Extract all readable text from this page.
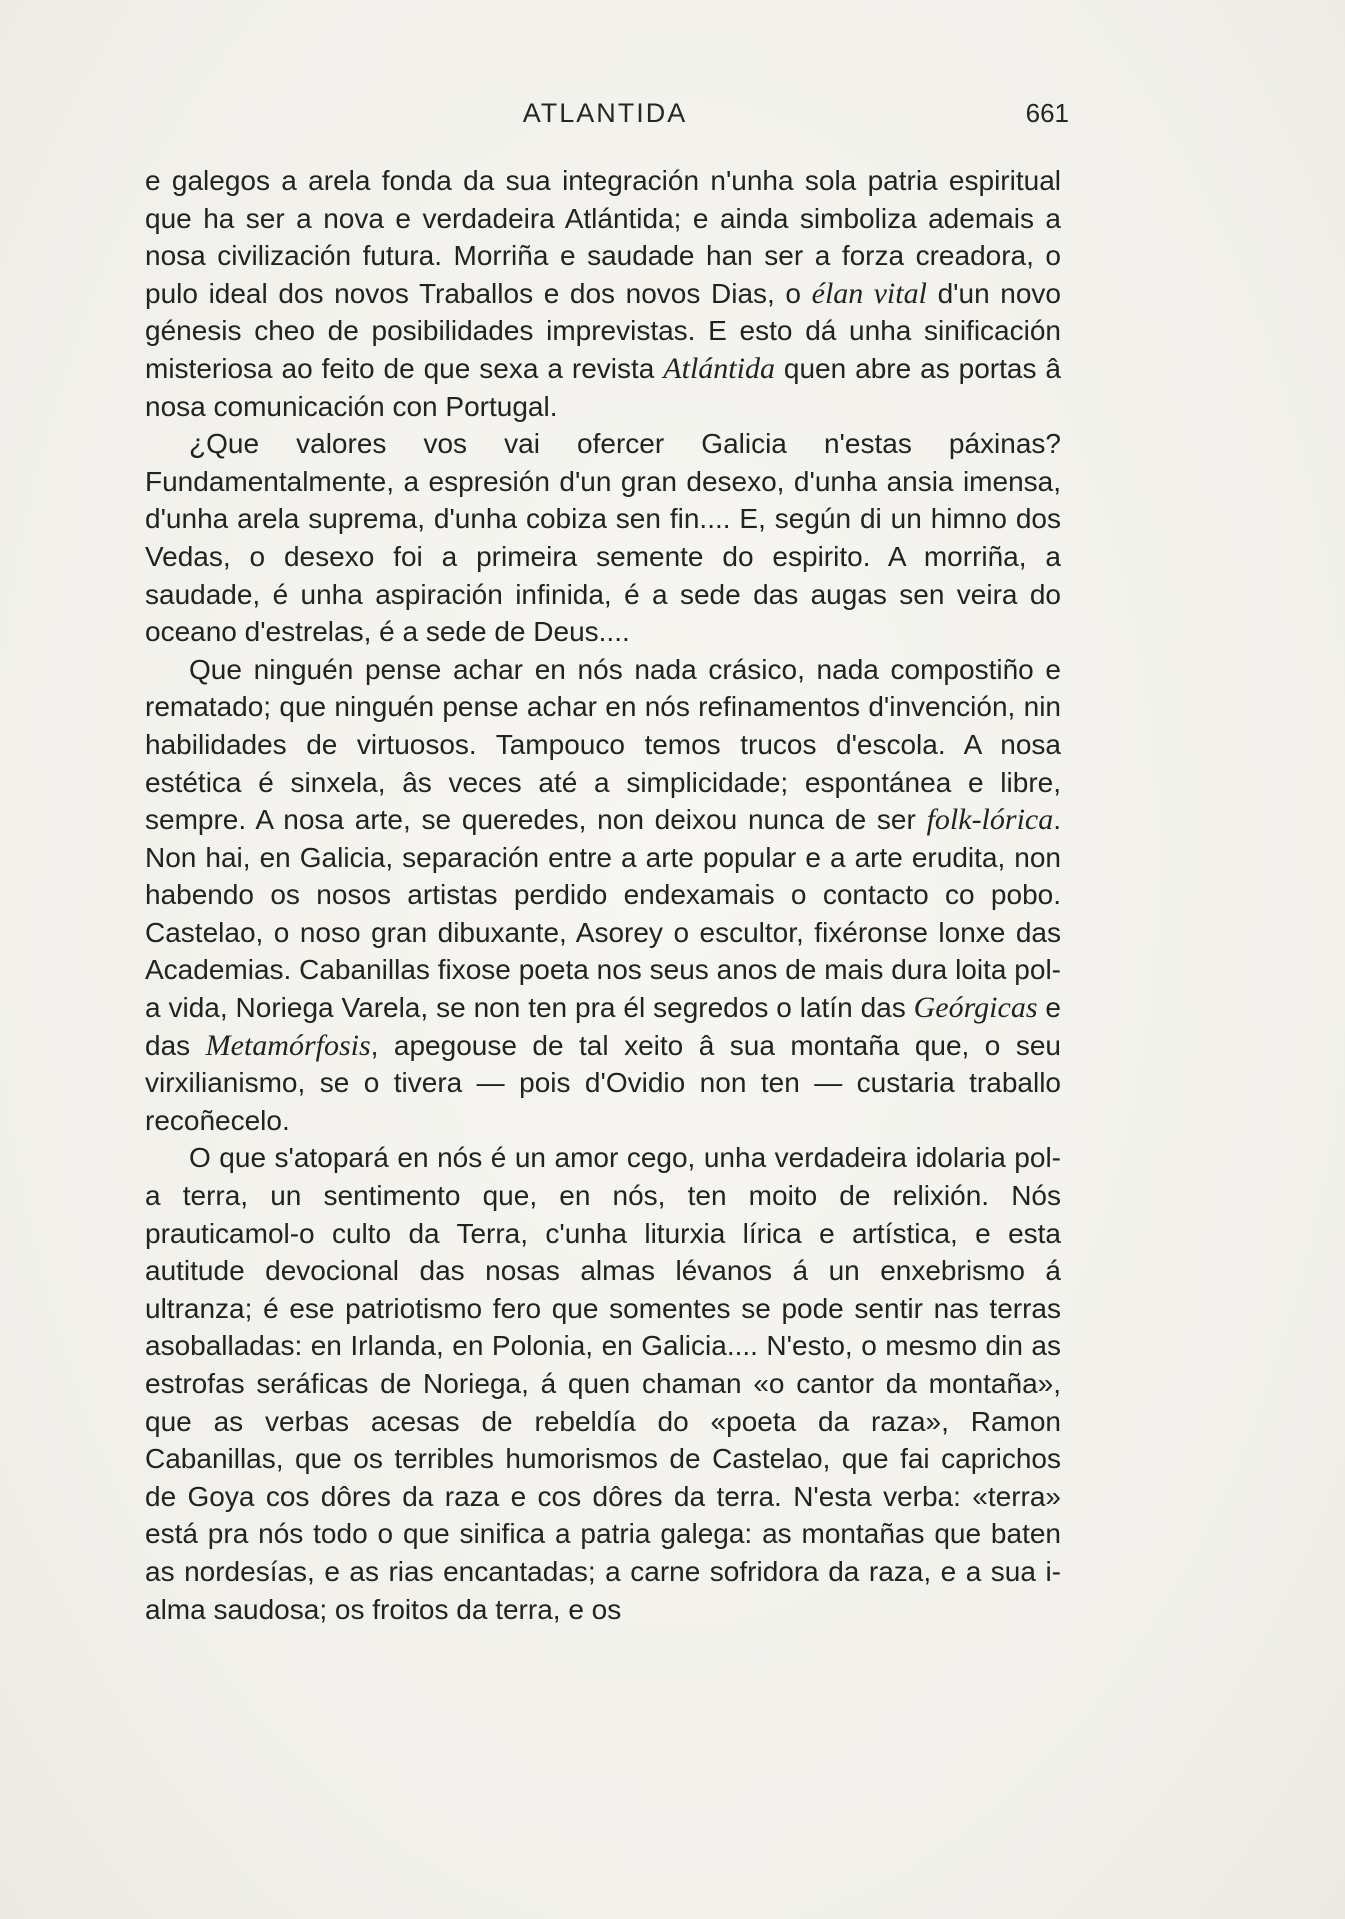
ATLANTIDA	661

e galegos a arela fonda da sua integración n'unha sola patria espiritual que ha ser a nova e verdadeira Atlántida; e ainda simboliza ademais a nosa civilización futura. Morriña e saudade han ser a forza creadora, o pulo ideal dos novos Traballos e dos novos Dias, o élan vital d'un novo génesis cheo de posibilidades imprevistas. E esto dá unha sinificación misteriosa ao feito de que sexa a revista Atlántida quen abre as portas â nosa comunicación con Portugal.

¿Que valores vos vai ofercer Galicia n'estas páxinas? Fundamentalmente, a espresión d'un gran desexo, d'unha ansia imensa, d'unha arela suprema, d'unha cobiza sen fin.... E, según di un himno dos Vedas, o desexo foi a primeira semente do espirito. A morriña, a saudade, é unha aspiración infinida, é a sede das augas sen veira do oceano d'estrelas, é a sede de Deus....

Que ninguén pense achar en nós nada crásico, nada compostiño e rematado; que ninguén pense achar en nós refinamentos d'invención, nin habilidades de virtuosos. Tampouco temos trucos d'escola. A nosa estética é sinxela, âs veces até a simplicidade; espontánea e libre, sempre. A nosa arte, se queredes, non deixou nunca de ser folk-lórica. Non hai, en Galicia, separación entre a arte popular e a arte erudita, non habendo os nosos artistas perdido endexamais o contacto co pobo. Castelao, o noso gran dibuxante, Asorey o escultor, fixéronse lonxe das Academias. Cabanillas fixose poeta nos seus anos de mais dura loita pol-a vida, Noriega Varela, se non ten pra él segredos o latín das Geórgicas e das Metamórfosis, apegouse de tal xeito â sua montaña que, o seu virxilianismo, se o tivera — pois d'Ovidio non ten — custaria traballo recoñecelo.

O que s'atopará en nós é un amor cego, unha verdadeira idolaria pol-a terra, un sentimento que, en nós, ten moito de relixión. Nós prauticamol-o culto da Terra, c'unha liturxia lírica e artística, e esta autitude devocional das nosas almas lévanos á un enxebrismo á ultranza; é ese patriotismo fero que somentes se pode sentir nas terras asoballadas: en Irlanda, en Polonia, en Galicia.... N'esto, o mesmo din as estrofas seráficas de Noriega, á quen chaman «o cantor da montaña», que as verbas acesas de rebeldía do «poeta da raza», Ramon Cabanillas, que os terribles humorismos de Castelao, que fai caprichos de Goya cos dôres da raza e cos dôres da terra. N'esta verba: «terra» está pra nós todo o que sinifica a patria galega: as montañas que baten as nordesías, e as rias encantadas; a carne sofridora da raza, e a sua i-alma saudosa; os froitos da terra, e os
